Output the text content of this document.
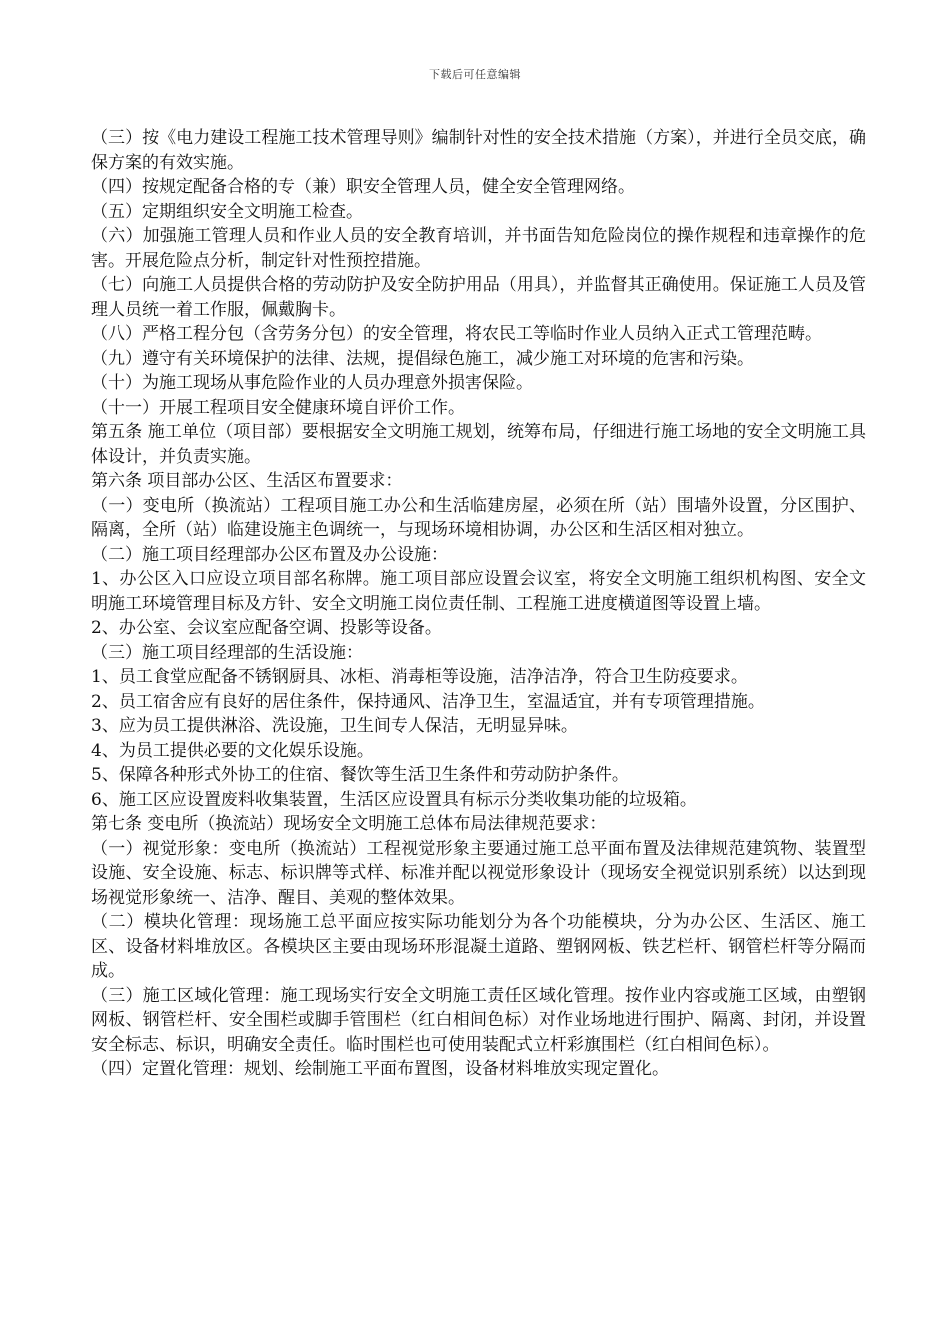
下载后可任意编辑

（三）按《电力建设工程施工技术管理导则》编制针对性的安全技术措施（方案），并进行全员交底，确保方案的有效实施。

（四）按规定配备合格的专（兼）职安全管理人员，健全安全管理网络。

（五）定期组织安全文明施工检查。

（六）加强施工管理人员和作业人员的安全教育培训，并书面告知危险岗位的操作规程和违章操作的危害。开展危险点分析，制定针对性预控措施。

（七）向施工人员提供合格的劳动防护及安全防护用品（用具），并监督其正确使用。保证施工人员及管理人员统一着工作服，佩戴胸卡。

（八）严格工程分包（含劳务分包）的安全管理，将农民工等临时作业人员纳入正式工管理范畴。

（九）遵守有关环境保护的法律、法规，提倡绿色施工，减少施工对环境的危害和污染。

（十）为施工现场从事危险作业的人员办理意外损害保险。

（十一）开展工程项目安全健康环境自评价工作。

第五条 施工单位（项目部）要根据安全文明施工规划，统筹布局，仔细进行施工场地的安全文明施工具体设计，并负责实施。

第六条 项目部办公区、生活区布置要求：

（一）变电所（换流站）工程项目施工办公和生活临建房屋，必须在所（站）围墙外设置，分区围护、隔离，全所（站）临建设施主色调统一，与现场环境相协调，办公区和生活区相对独立。

（二）施工项目经理部办公区布置及办公设施：

1、办公区入口应设立项目部名称牌。施工项目部应设置会议室，将安全文明施工组织机构图、安全文明施工环境管理目标及方针、安全文明施工岗位责任制、工程施工进度横道图等设置上墙。

2、办公室、会议室应配备空调、投影等设备。

（三）施工项目经理部的生活设施：

1、员工食堂应配备不锈钢厨具、冰柜、消毒柜等设施，洁净洁净，符合卫生防疫要求。

2、员工宿舍应有良好的居住条件，保持通风、洁净卫生，室温适宜，并有专项管理措施。

3、应为员工提供淋浴、洗设施，卫生间专人保洁，无明显异味。

4、为员工提供必要的文化娱乐设施。

5、保障各种形式外协工的住宿、餐饮等生活卫生条件和劳动防护条件。

6、施工区应设置废料收集装置，生活区应设置具有标示分类收集功能的垃圾箱。

第七条 变电所（换流站）现场安全文明施工总体布局法律规范要求：

（一）视觉形象：变电所（换流站）工程视觉形象主要通过施工总平面布置及法律规范建筑物、装置型设施、安全设施、标志、标识牌等式样、标准并配以视觉形象设计（现场安全视觉识别系统）以达到现场视觉形象统一、洁净、醒目、美观的整体效果。

（二）模块化管理：现场施工总平面应按实际功能划分为各个功能模块，分为办公区、生活区、施工区、设备材料堆放区。各模块区主要由现场环形混凝土道路、塑钢网板、铁艺栏杆、钢管栏杆等分隔而成。

（三）施工区域化管理：施工现场实行安全文明施工责任区域化管理。按作业内容或施工区域，由塑钢网板、钢管栏杆、安全围栏或脚手管围栏（红白相间色标）对作业场地进行围护、隔离、封闭，并设置安全标志、标识，明确安全责任。临时围栏也可使用装配式立杆彩旗围栏（红白相间色标）。

（四）定置化管理：规划、绘制施工平面布置图，设备材料堆放实现定置化。
